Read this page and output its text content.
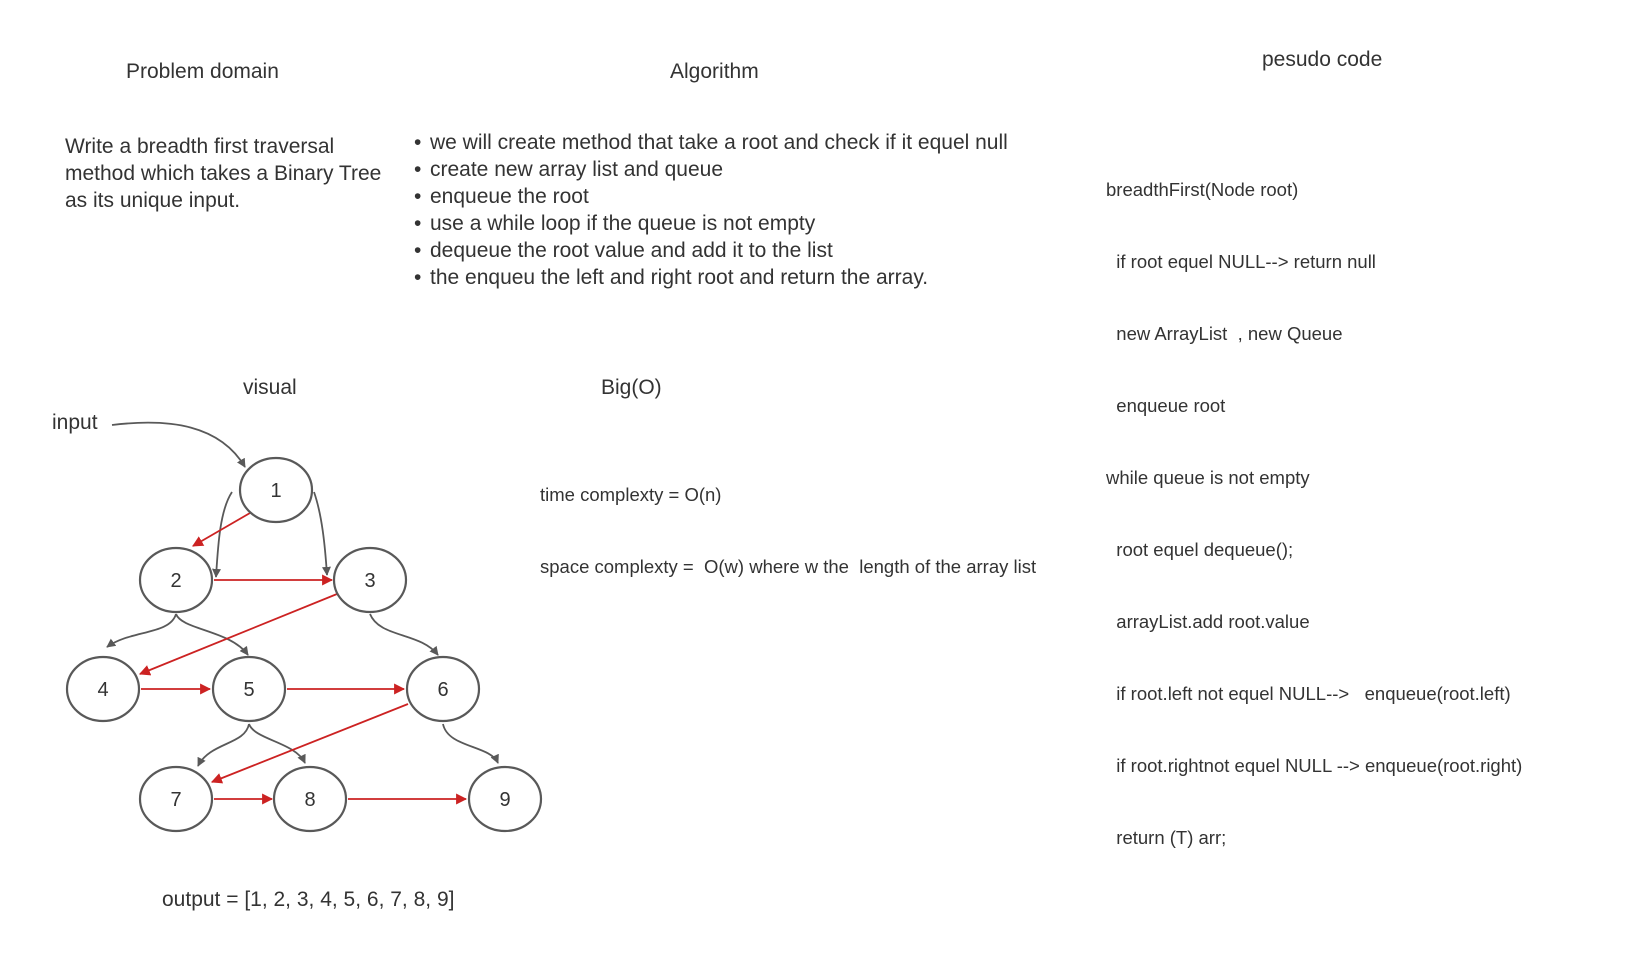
Problem domain	Algorithm
pesudo code
visual	Big(O)
Write a breadth first traversal method which takes a Binary Tree as its unique input.
• we will create method that take a root and check if it equel null
• create new array list and queue
• enqueue the root
• use a while loop if the queue is not empty
• dequeue the root value and add it to the list
• the enqueu the left and right root and return the array.

breadthFirst(Node root)

if root equel NULL--> return null

new ArrayList  , new Queue

enqueue root

while queue is not empty

root equel dequeue();

arrayList.add root.value

if root.left not equel NULL-->   enqueue(root.left)

if root.rightnot equel NULL --> enqueue(root.right)

return (T) arr;

time complexty = O(n)

space complexty =  O(w) where w the  length of the array list

input
1
2	3
4	5	6
7	8	9
output = [1, 2, 3, 4, 5, 6, 7, 8, 9]
